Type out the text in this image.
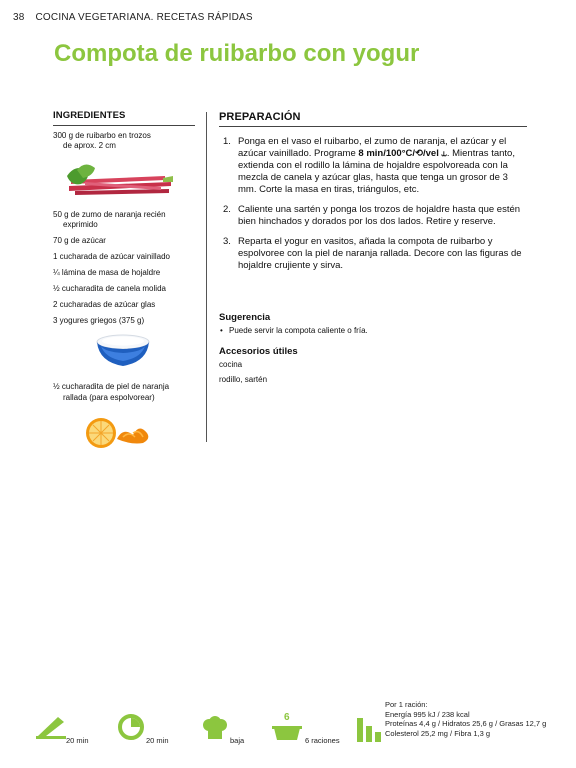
38 COCINA VEGETARIANA. RECETAS RÁPIDAS
Compota de ruibarbo con yogur
INGREDIENTES
300 g de ruibarbo en trozos
de aprox. 2 cm
50 g de zumo de naranja recién
exprimido
70 g de azúcar
1 cucharada de azúcar vainillado
¼ lámina de masa de hojaldre
½ cucharadita de canela molida
2 cucharadas de azúcar glas
3 yogures griegos (375 g)
½ cucharadita de piel de naranja
rallada (para espolvorear)
PREPARACIÓN
1. Ponga en el vaso el ruibarbo, el zumo de naranja, el azúcar y el azúcar vainillado. Programe 8 min/100°C/⟲/vel ⥿. Mientras tanto, extienda con el rodillo la lámina de hojaldre espolvoreada con la mezcla de canela y azúcar glas, hasta que tenga un grosor de 3 mm. Corte la masa en tiras, triángulos, etc.
2. Caliente una sartén y ponga los trozos de hojaldre hasta que estén bien hinchados y dorados por los dos lados. Retire y reserve.
3. Reparta el yogur en vasitos, añada la compota de ruibarbo y espolvoree con la piel de naranja rallada. Decore con las figuras de hojaldre crujiente y sirva.
Sugerencia
• Puede servir la compota caliente o fría.
Accesorios útiles
cocina
rodillo, sartén
20 min	20 min	baja
6
6 raciones
Por 1 ración:
Energía 995 kJ / 238 kcal
Proteínas 4,4 g / Hidratos 25,6 g / Grasas 12,7 g
Colesterol 25,2 mg / Fibra 1,3 g
